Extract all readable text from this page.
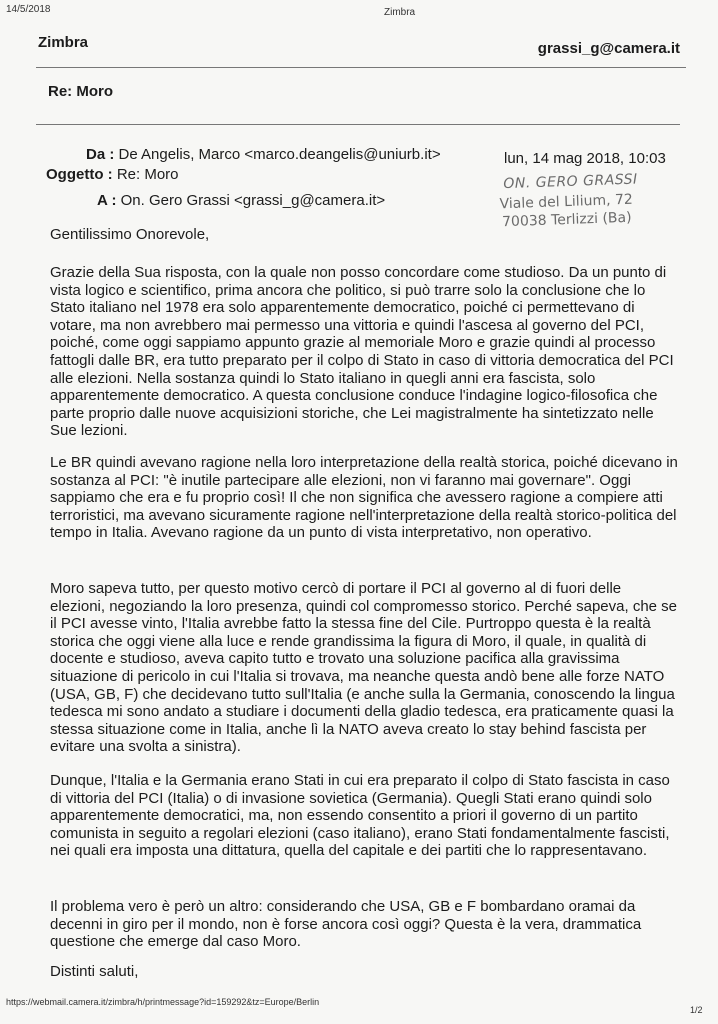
14/5/2018	Zimbra
Zimbra	grassi_g@camera.it
Re: Moro
Da : De Angelis, Marco <marco.deangelis@uniurb.it>
Oggetto : Re: Moro
A : On. Gero Grassi <grassi_g@camera.it>
lun, 14 mag 2018, 10:03
ON. GERO GRASSI
Viale del Lilium, 72
70038 Terlizzi (Ba)
Gentilissimo Onorevole,
Grazie della Sua risposta, con la quale non posso concordare come studioso. Da un punto di vista logico e scientifico, prima ancora che politico, si può trarre solo la conclusione che lo Stato italiano nel 1978 era solo apparentemente democratico, poiché ci permettevano di votare, ma non avrebbero mai permesso una vittoria e quindi l'ascesa al governo del PCI, poiché, come oggi sappiamo appunto grazie al memoriale Moro e grazie quindi al processo fattogli dalle BR, era tutto preparato per il colpo di Stato in caso di vittoria democratica del PCI alle elezioni. Nella sostanza quindi lo Stato italiano in quegli anni era fascista, solo apparentemente democratico. A questa conclusione conduce l'indagine logico-filosofica che parte proprio dalle nuove acquisizioni storiche, che Lei magistralmente ha sintetizzato nelle Sue lezioni.
Le BR quindi avevano ragione nella loro interpretazione della realtà storica, poiché dicevano in sostanza al PCI: "è inutile partecipare alle elezioni, non vi faranno mai governare". Oggi sappiamo che era e fu proprio così! Il che non significa che avessero ragione a compiere atti terroristici, ma avevano sicuramente ragione nell'interpretazione della realtà storico-politica del tempo in Italia. Avevano ragione da un punto di vista interpretativo, non operativo.
Moro sapeva tutto, per questo motivo cercò di portare il PCI al governo al di fuori delle elezioni, negoziando la loro presenza, quindi col compromesso storico. Perché sapeva, che se il PCI avesse vinto, l'Italia avrebbe fatto la stessa fine del Cile. Purtroppo questa è la realtà storica che oggi viene alla luce e rende grandissima la figura di Moro, il quale, in qualità di docente e studioso, aveva capito tutto e trovato una soluzione pacifica alla gravissima situazione di pericolo in cui l'Italia si trovava, ma neanche questa andò bene alle forze NATO (USA, GB, F) che decidevano tutto sull'Italia (e anche sulla la Germania, conoscendo la lingua tedesca mi sono andato a studiare i documenti della gladio tedesca, era praticamente quasi la stessa situazione come in Italia, anche lì la NATO aveva creato lo stay behind fascista per evitare una svolta a sinistra).
Dunque, l'Italia e la Germania erano Stati in cui era preparato il colpo di Stato fascista in caso di vittoria del PCI (Italia) o di invasione sovietica (Germania). Quegli Stati erano quindi solo apparentemente democratici, ma, non essendo consentito a priori il governo di un partito comunista in seguito a regolari elezioni (caso italiano), erano Stati fondamentalmente fascisti, nei quali era imposta una dittatura, quella del capitale e dei partiti che lo rappresentavano.
Il problema vero è però un altro: considerando che USA, GB e F bombardano oramai da decenni in giro per il mondo, non è forse ancora così oggi? Questa è la vera, drammatica questione che emerge dal caso Moro.
Distinti saluti,
https://webmail.camera.it/zimbra/h/printmessage?id=159292&tz=Europe/Berlin
1/2
